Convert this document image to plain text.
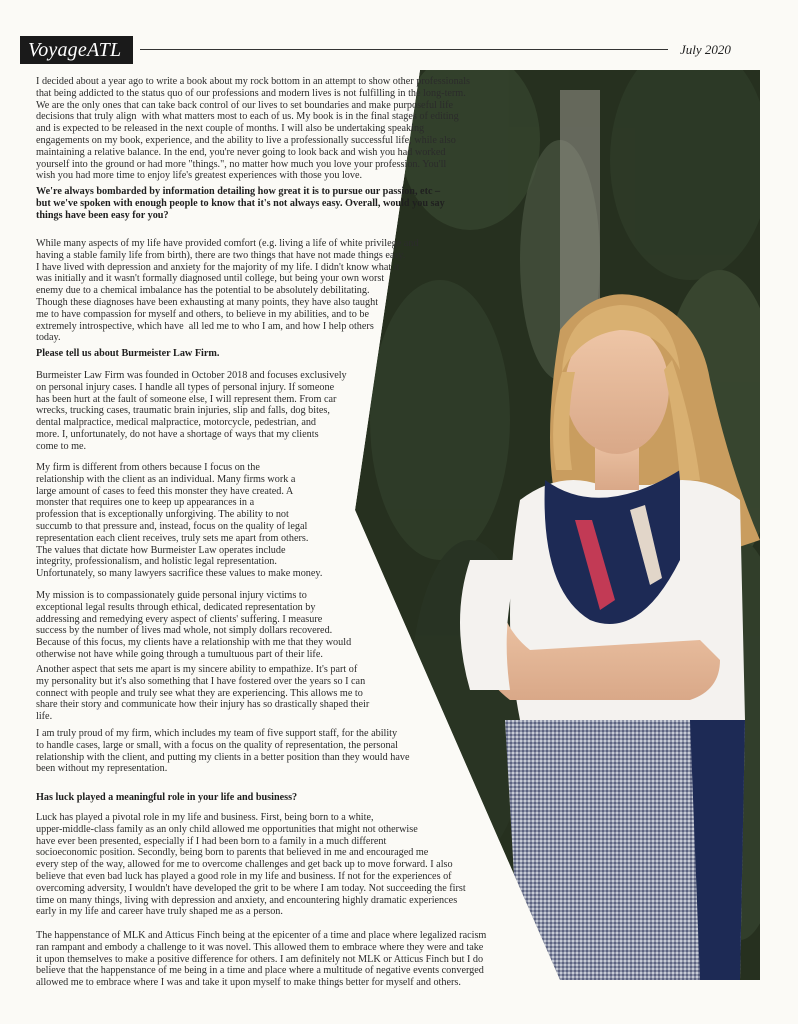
VoyageATL	July 2020
I decided about a year ago to write a book about my rock bottom in an attempt to show other professionals
that being addicted to the status quo of our professions and modern lives is not fulfilling in the long-term.
We are the only ones that can take back control of our lives to set boundaries and make purposeful life
decisions that truly align  with what matters most to each of us. My book is in the final stages of editing
and is expected to be released in the next couple of months. I will also be undertaking speaking
engagements on my book, experience, and the ability to live a professionally successful life, while also
maintaining a relative balance. In the end, you're never going to look back and wish you had worked
yourself into the ground or had more "things.", no matter how much you love your profession. You'll
wish you had more time to enjoy life's greatest experiences with those you love.
We're always bombarded by information detailing how great it is to pursue our passion, etc –
but we've spoken with enough people to know that it's not always easy. Overall, would you say
things have been easy for you?
While many aspects of my life have provided comfort (e.g. living a life of white privilege and
having a stable family life from birth), there are two things that have not made things easy.
I have lived with depression and anxiety for the majority of my life. I didn't know what it
was initially and it wasn't formally diagnosed until college, but being your own worst
enemy due to a chemical imbalance has the potential to be absolutely debilitating.
Though these diagnoses have been exhausting at many points, they have also taught
me to have compassion for myself and others, to believe in my abilities, and to be
extremely introspective, which have  all led me to who I am, and how I help others
today.
Please tell us about Burmeister Law Firm.
Burmeister Law Firm was founded in October 2018 and focuses exclusively
on personal injury cases. I handle all types of personal injury. If someone
has been hurt at the fault of someone else, I will represent them. From car
wrecks, trucking cases, traumatic brain injuries, slip and falls, dog bites,
dental malpractice, medical malpractice, motorcycle, pedestrian, and
more. I, unfortunately, do not have a shortage of ways that my clients
come to me.
My firm is different from others because I focus on the
relationship with the client as an individual. Many firms work a
large amount of cases to feed this monster they have created. A
monster that requires one to keep up appearances in a
profession that is exceptionally unforgiving. The ability to not
succumb to that pressure and, instead, focus on the quality of legal
representation each client receives, truly sets me apart from others.
The values that dictate how Burmeister Law operates include
integrity, professionalism, and holistic legal representation.
Unfortunately, so many lawyers sacrifice these values to make money.
My mission is to compassionately guide personal injury victims to
exceptional legal results through ethical, dedicated representation by
addressing and remedying every aspect of clients' suffering. I measure
success by the number of lives mad whole, not simply dollars recovered.
Because of this focus, my clients have a relationship with me that they would
otherwise not have while going through a tumultuous part of their life.
Another aspect that sets me apart is my sincere ability to empathize. It's part of
my personality but it's also something that I have fostered over the years so I can
connect with people and truly see what they are experiencing. This allows me to
share their story and communicate how their injury has so drastically shaped their
life.
I am truly proud of my firm, which includes my team of five support staff, for the ability
to handle cases, large or small, with a focus on the quality of representation, the personal
relationship with the client, and putting my clients in a better position than they would have
been without my representation.
Has luck played a meaningful role in your life and business?
Luck has played a pivotal role in my life and business. First, being born to a white,
upper-middle-class family as an only child allowed me opportunities that might not otherwise
have ever been presented, especially if I had been born to a family in a much different
socioeconomic position. Secondly, being born to parents that believed in me and encouraged me
every step of the way, allowed for me to overcome challenges and get back up to move forward. I also
believe that even bad luck has played a good role in my life and business. If not for the experiences of
overcoming adversity, I wouldn't have developed the grit to be where I am today. Not succeeding the first
time on many things, living with depression and anxiety, and encountering highly dramatic experiences
early in my life and career have truly shaped me as a person.
The happenstance of MLK and Atticus Finch being at the epicenter of a time and place where legalized racism
ran rampant and embody a challenge to it was novel. This allowed them to embrace where they were and take
it upon themselves to make a positive difference for others. I am definitely not MLK or Atticus Finch but I do
believe that the happenstance of me being in a time and place where a multitude of negative events converged
allowed me to embrace where I was and take it upon myself to make things better for myself and others.
